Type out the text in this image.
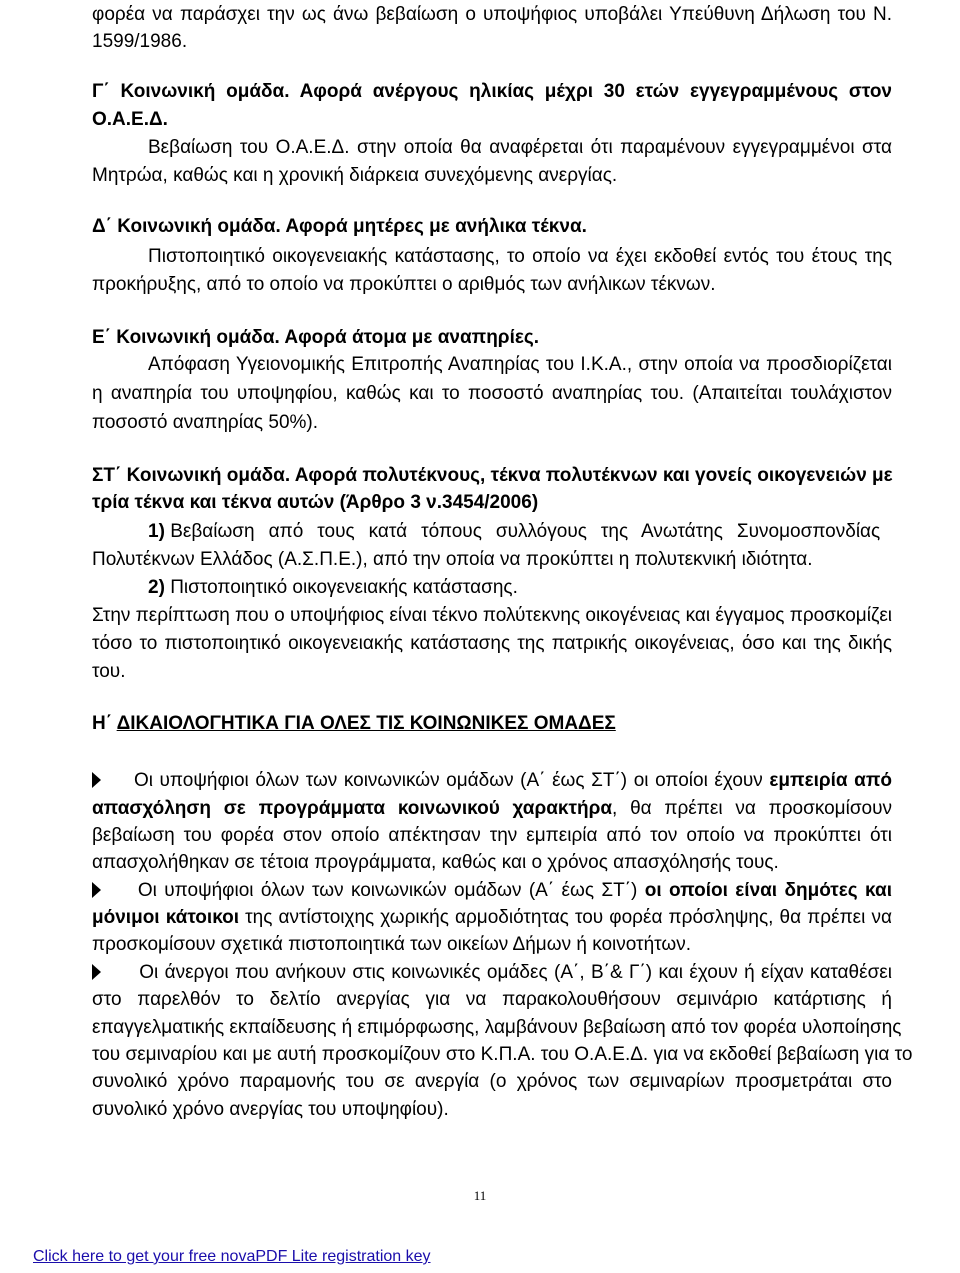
φορέα να παράσχει την ως άνω βεβαίωση ο υποψήφιος υποβάλει Υπεύθυνη Δήλωση του Ν.
1599/1986.
Γ΄ Κοινωνική ομάδα. Αφορά ανέργους ηλικίας μέχρι 30 ετών εγγεγραμμένους στον
Ο.Α.Ε.Δ.
Βεβαίωση του Ο.Α.Ε.Δ. στην οποία θα αναφέρεται ότι παραμένουν εγγεγραμμένοι στα
Μητρώα, καθώς και η χρονική διάρκεια συνεχόμενης ανεργίας.
Δ΄ Κοινωνική ομάδα. Αφορά μητέρες με ανήλικα τέκνα.
Πιστοποιητικό οικογενειακής κατάστασης, το οποίο να έχει εκδοθεί εντός του έτους της
προκήρυξης, από το οποίο να προκύπτει ο αριθμός των ανήλικων τέκνων.
Ε΄ Κοινωνική ομάδα. Αφορά άτομα με αναπηρίες.
Απόφαση Υγειονομικής Επιτροπής Αναπηρίας του Ι.Κ.Α., στην οποία να προσδιορίζεται
η αναπηρία του υποψηφίου, καθώς και το ποσοστό αναπηρίας του. (Απαιτείται τουλάχιστον
ποσοστό αναπηρίας 50%).
ΣΤ΄ Κοινωνική ομάδα. Αφορά πολυτέκνους, τέκνα πολυτέκνων και γονείς οικογενειών με
τρία τέκνα και τέκνα αυτών (Άρθρο 3 ν.3454/2006)
1) Βεβαίωση από τους κατά τόπους συλλόγους της Ανωτάτης Συνομοσπονδίας
Πολυτέκνων Ελλάδος (Α.Σ.Π.Ε.), από την οποία να προκύπτει η πολυτεκνική ιδιότητα.
2) Πιστοποιητικό οικογενειακής κατάστασης.
Στην περίπτωση που ο υποψήφιος είναι τέκνο πολύτεκνης οικογένειας και έγγαμος προσκομίζει
τόσο το πιστοποιητικό οικογενειακής κατάστασης της πατρικής οικογένειας, όσο και της δικής
του.
Η΄ ΔΙΚΑΙΟΛΟΓΗΤΙΚΑ ΓΙΑ ΟΛΕΣ ΤΙΣ ΚΟΙΝΩΝΙΚΕΣ ΟΜΑΔΕΣ
Οι υποψήφιοι όλων των κοινωνικών ομάδων (Α΄ έως ΣΤ΄) οι οποίοι έχουν εμπειρία από
απασχόληση σε προγράμματα κοινωνικού χαρακτήρα, θα πρέπει να προσκομίσουν
βεβαίωση του φορέα στον οποίο απέκτησαν την εμπειρία από τον οποίο να προκύπτει ότι
απασχολήθηκαν σε τέτοια προγράμματα, καθώς και ο χρόνος απασχόλησής τους.
Οι υποψήφιοι όλων των κοινωνικών ομάδων (Α΄ έως ΣΤ΄) οι οποίοι είναι δημότες και
μόνιμοι κάτοικοι της αντίστοιχης χωρικής αρμοδιότητας του φορέα πρόσληψης, θα πρέπει να
προσκομίσουν σχετικά πιστοποιητικά των οικείων Δήμων ή κοινοτήτων.
Οι άνεργοι που ανήκουν στις κοινωνικές ομάδες (Α΄, Β΄& Γ΄) και έχουν ή είχαν καταθέσει
στο παρελθόν το δελτίο ανεργίας για να παρακολουθήσουν σεμινάριο κατάρτισης ή
επαγγελματικής εκπαίδευσης ή επιμόρφωσης, λαμβάνουν βεβαίωση από τον φορέα υλοποίησης
του σεμιναρίου και με αυτή προσκομίζουν στο Κ.Π.Α. του Ο.Α.Ε.Δ. για να εκδοθεί βεβαίωση για το
συνολικό χρόνο παραμονής του σε ανεργία (ο χρόνος των σεμιναρίων προσμετράται στο
συνολικό χρόνο ανεργίας του υποψηφίου).
11
Click here to get your free novaPDF Lite registration key
